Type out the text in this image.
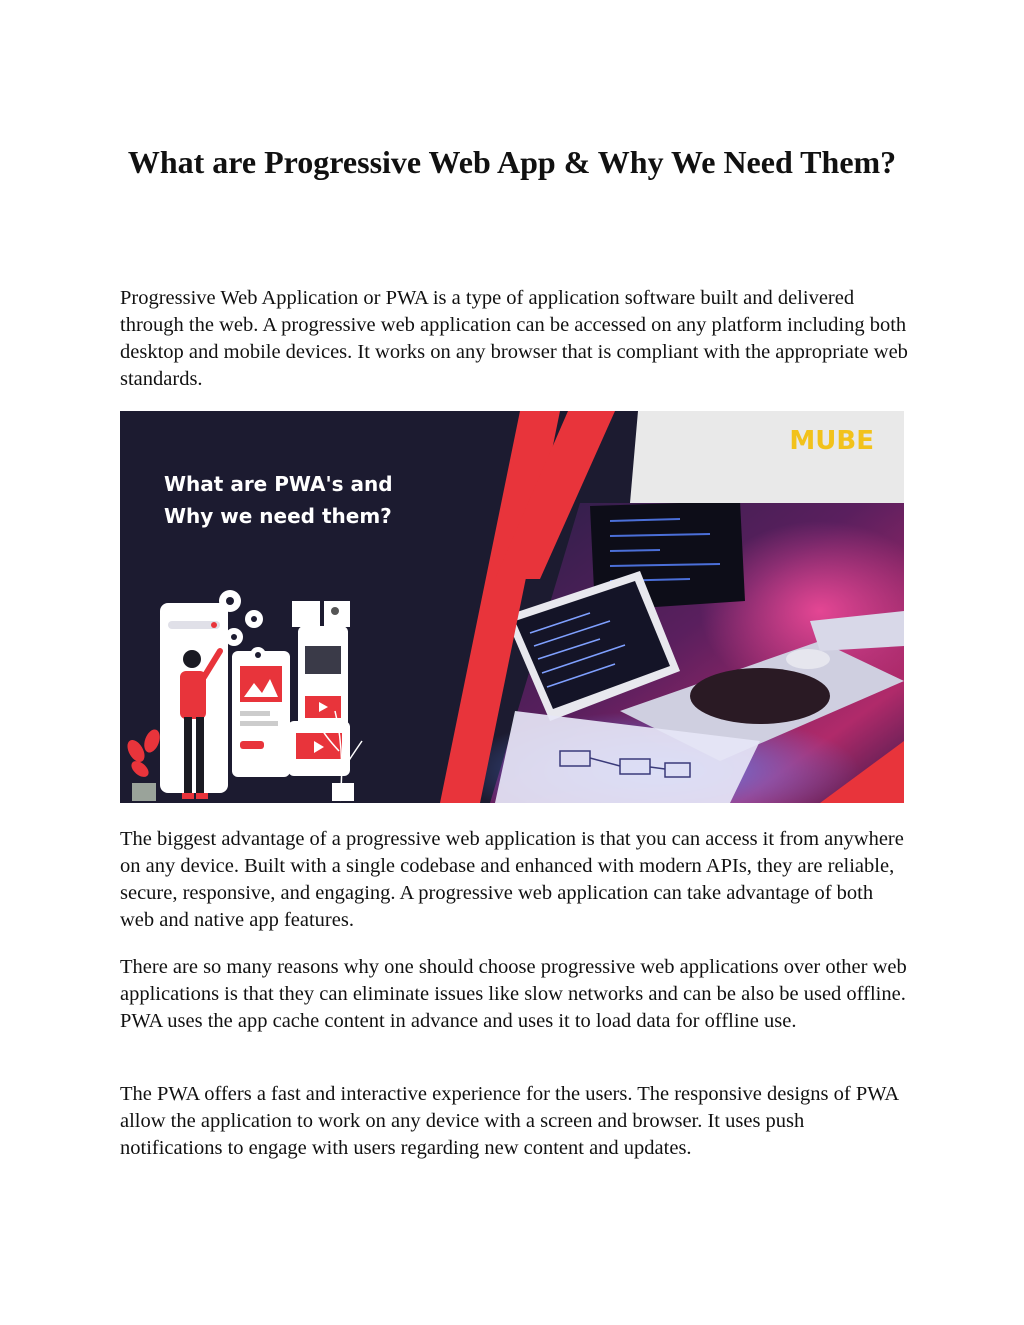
What are Progressive Web App & Why We Need Them?

Progressive Web Application or PWA is a type of application software built and delivered through the web. A progressive web application can be accessed on any platform including both desktop and mobile devices. It works on any browser that is compliant with the appropriate web standards.

MUBE
What are PWA's and
Why we need them?

The biggest advantage of a progressive web application is that you can access it from anywhere on any device. Built with a single codebase and enhanced with modern APIs, they are reliable, secure, responsive, and engaging. A progressive web application can take advantage of both web and native app features.

There are so many reasons why one should choose progressive web applications over other web applications is that they can eliminate issues like slow networks and can be also be used offline. PWA uses the app cache content in advance and uses it to load data for offline use.

The PWA offers a fast and interactive experience for the users. The responsive designs of PWA allow the application to work on any device with a screen and browser. It uses push notifications to engage with users regarding new content and updates.
